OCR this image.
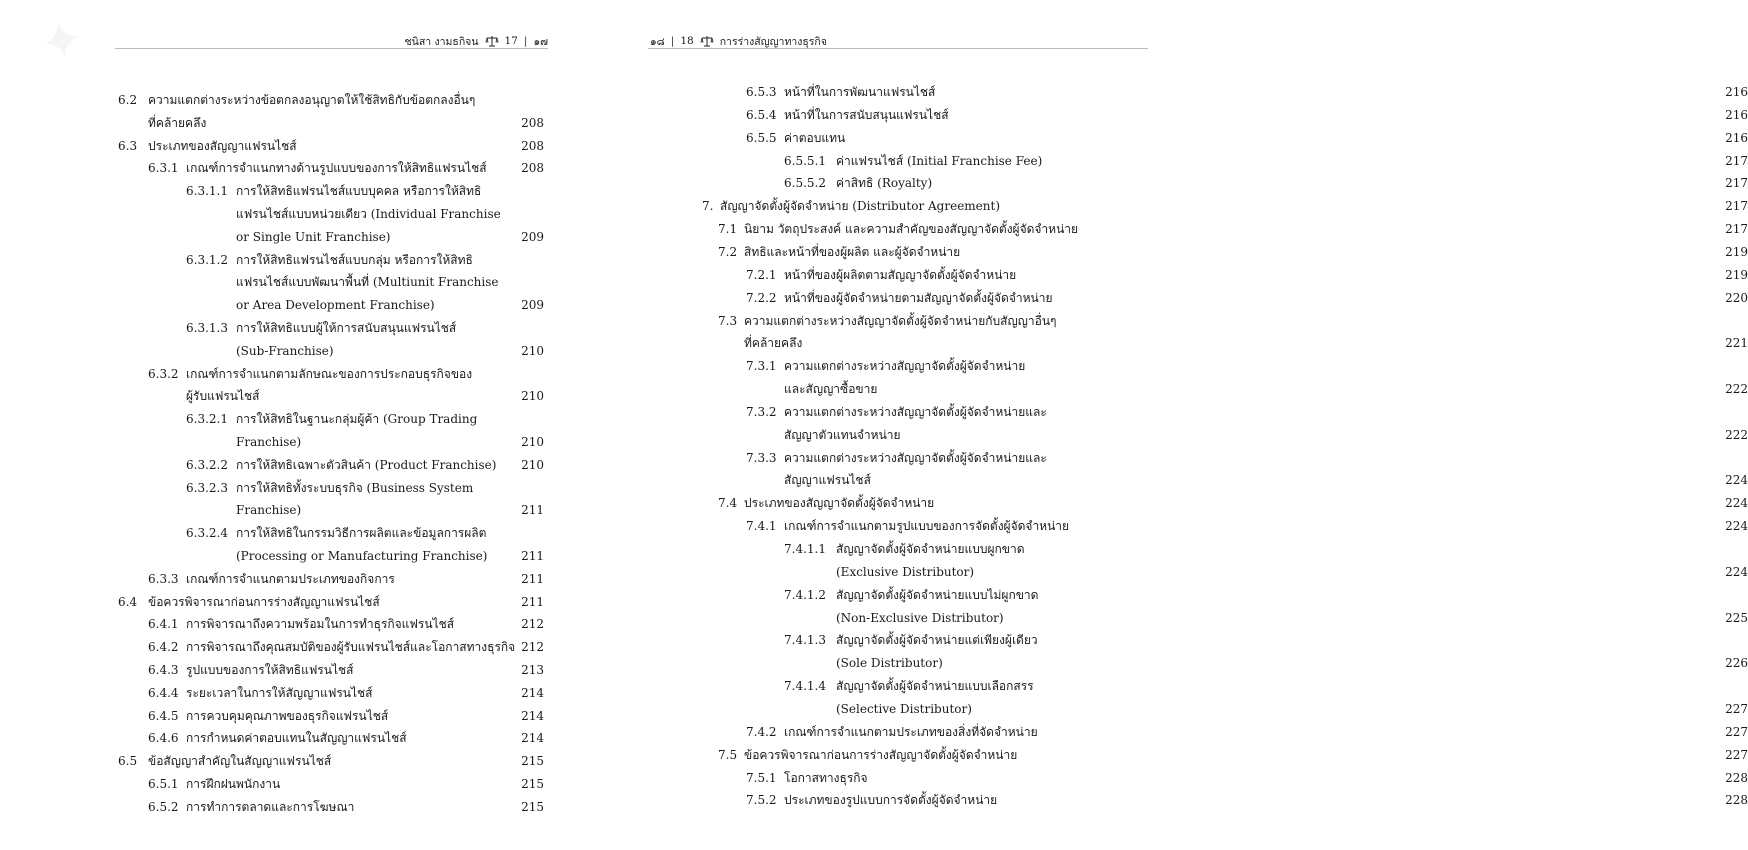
ชนิสา งามธกิจน 17 | ๑๗
6.2 ความแตกต่างระหว่างข้อตกลงอนุญาตให้ใช้สิทธิกับข้อตกลงอื่นๆ
ที่คล้ายคลึง	208
6.3 ประเภทของสัญญาแฟรนไชส์	208
6.3.1 เกณฑ์การจำแนกทางด้านรูปแบบของการให้สิทธิแฟรนไชส์	208
6.3.1.1 การให้สิทธิแฟรนไชส์แบบบุคคล หรือการให้สิทธิ
แฟรนไชส์แบบหน่วยเดียว (Individual Franchise
or Single Unit Franchise)	209
6.3.1.2 การให้สิทธิแฟรนไชส์แบบกลุ่ม หรือการให้สิทธิ
แฟรนไชส์แบบพัฒนาพื้นที่ (Multiunit Franchise
or Area Development Franchise)	209
6.3.1.3 การให้สิทธิแบบผู้ให้การสนับสนุนแฟรนไชส์
(Sub-Franchise)	210
6.3.2 เกณฑ์การจำแนกตามลักษณะของการประกอบธุรกิจของ
ผู้รับแฟรนไชส์	210
6.3.2.1 การให้สิทธิในฐานะกลุ่มผู้ค้า (Group Trading
Franchise)	210
6.3.2.2 การให้สิทธิเฉพาะตัวสินค้า (Product Franchise)	210
6.3.2.3 การให้สิทธิทั้งระบบธุรกิจ (Business System
Franchise)	211
6.3.2.4 การให้สิทธิในกรรมวิธีการผลิตและข้อมูลการผลิต
(Processing or Manufacturing Franchise)	211
6.3.3 เกณฑ์การจำแนกตามประเภทของกิจการ	211
6.4 ข้อควรพิจารณาก่อนการร่างสัญญาแฟรนไชส์	211
6.4.1 การพิจารณาถึงความพร้อมในการทำธุรกิจแฟรนไชส์	212
6.4.2 การพิจารณาถึงคุณสมบัติของผู้รับแฟรนไชส์และโอกาสทางธุรกิจ 212
6.4.3 รูปแบบของการให้สิทธิแฟรนไชส์	213
6.4.4 ระยะเวลาในการให้สัญญาแฟรนไชส์	214
6.4.5 การควบคุมคุณภาพของธุรกิจแฟรนไชส์	214
6.4.6 การกำหนดค่าตอบแทนในสัญญาแฟรนไชส์	214
6.5 ข้อสัญญาสำคัญในสัญญาแฟรนไชส์	215
6.5.1 การฝึกฝนพนักงาน	215
6.5.2 การทำการตลาดและการโฆษณา	215
๑๘ | 18 การร่างสัญญาทางธุรกิจ
6.5.3 หน้าที่ในการพัฒนาแฟรนไชส์	216
6.5.4 หน้าที่ในการสนับสนุนแฟรนไชส์	216
6.5.5 ค่าตอบแทน	216
6.5.5.1 ค่าแฟรนไชส์ (Initial Franchise Fee)	217
6.5.5.2 ค่าสิทธิ (Royalty)	217
7. สัญญาจัดตั้งผู้จัดจำหน่าย (Distributor Agreement)	217
7.1 นิยาม วัตถุประสงค์ และความสำคัญของสัญญาจัดตั้งผู้จัดจำหน่าย	217
7.2 สิทธิและหน้าที่ของผู้ผลิต และผู้จัดจำหน่าย	219
7.2.1 หน้าที่ของผู้ผลิตตามสัญญาจัดตั้งผู้จัดจำหน่าย	219
7.2.2 หน้าที่ของผู้จัดจำหน่ายตามสัญญาจัดตั้งผู้จัดจำหน่าย	220
7.3 ความแตกต่างระหว่างสัญญาจัดตั้งผู้จัดจำหน่ายกับสัญญาอื่นๆ
ที่คล้ายคลึง	221
7.3.1 ความแตกต่างระหว่างสัญญาจัดตั้งผู้จัดจำหน่าย
และสัญญาซื้อขาย	222
7.3.2 ความแตกต่างระหว่างสัญญาจัดตั้งผู้จัดจำหน่ายและ
สัญญาตัวแทนจำหน่าย	222
7.3.3 ความแตกต่างระหว่างสัญญาจัดตั้งผู้จัดจำหน่ายและ
สัญญาแฟรนไชส์	224
7.4 ประเภทของสัญญาจัดตั้งผู้จัดจำหน่าย	224
7.4.1 เกณฑ์การจำแนกตามรูปแบบของการจัดตั้งผู้จัดจำหน่าย	224
7.4.1.1 สัญญาจัดตั้งผู้จัดจำหน่ายแบบผูกขาด
(Exclusive Distributor)	224
7.4.1.2 สัญญาจัดตั้งผู้จัดจำหน่ายแบบไม่ผูกขาด
(Non-Exclusive Distributor)	225
7.4.1.3 สัญญาจัดตั้งผู้จัดจำหน่ายแต่เพียงผู้เดียว
(Sole Distributor)	226
7.4.1.4 สัญญาจัดตั้งผู้จัดจำหน่ายแบบเลือกสรร
(Selective Distributor)	227
7.4.2 เกณฑ์การจำแนกตามประเภทของสิ่งที่จัดจำหน่าย	227
7.5 ข้อควรพิจารณาก่อนการร่างสัญญาจัดตั้งผู้จัดจำหน่าย	227
7.5.1 โอกาสทางธุรกิจ	228
7.5.2 ประเภทของรูปแบบการจัดตั้งผู้จัดจำหน่าย	228
